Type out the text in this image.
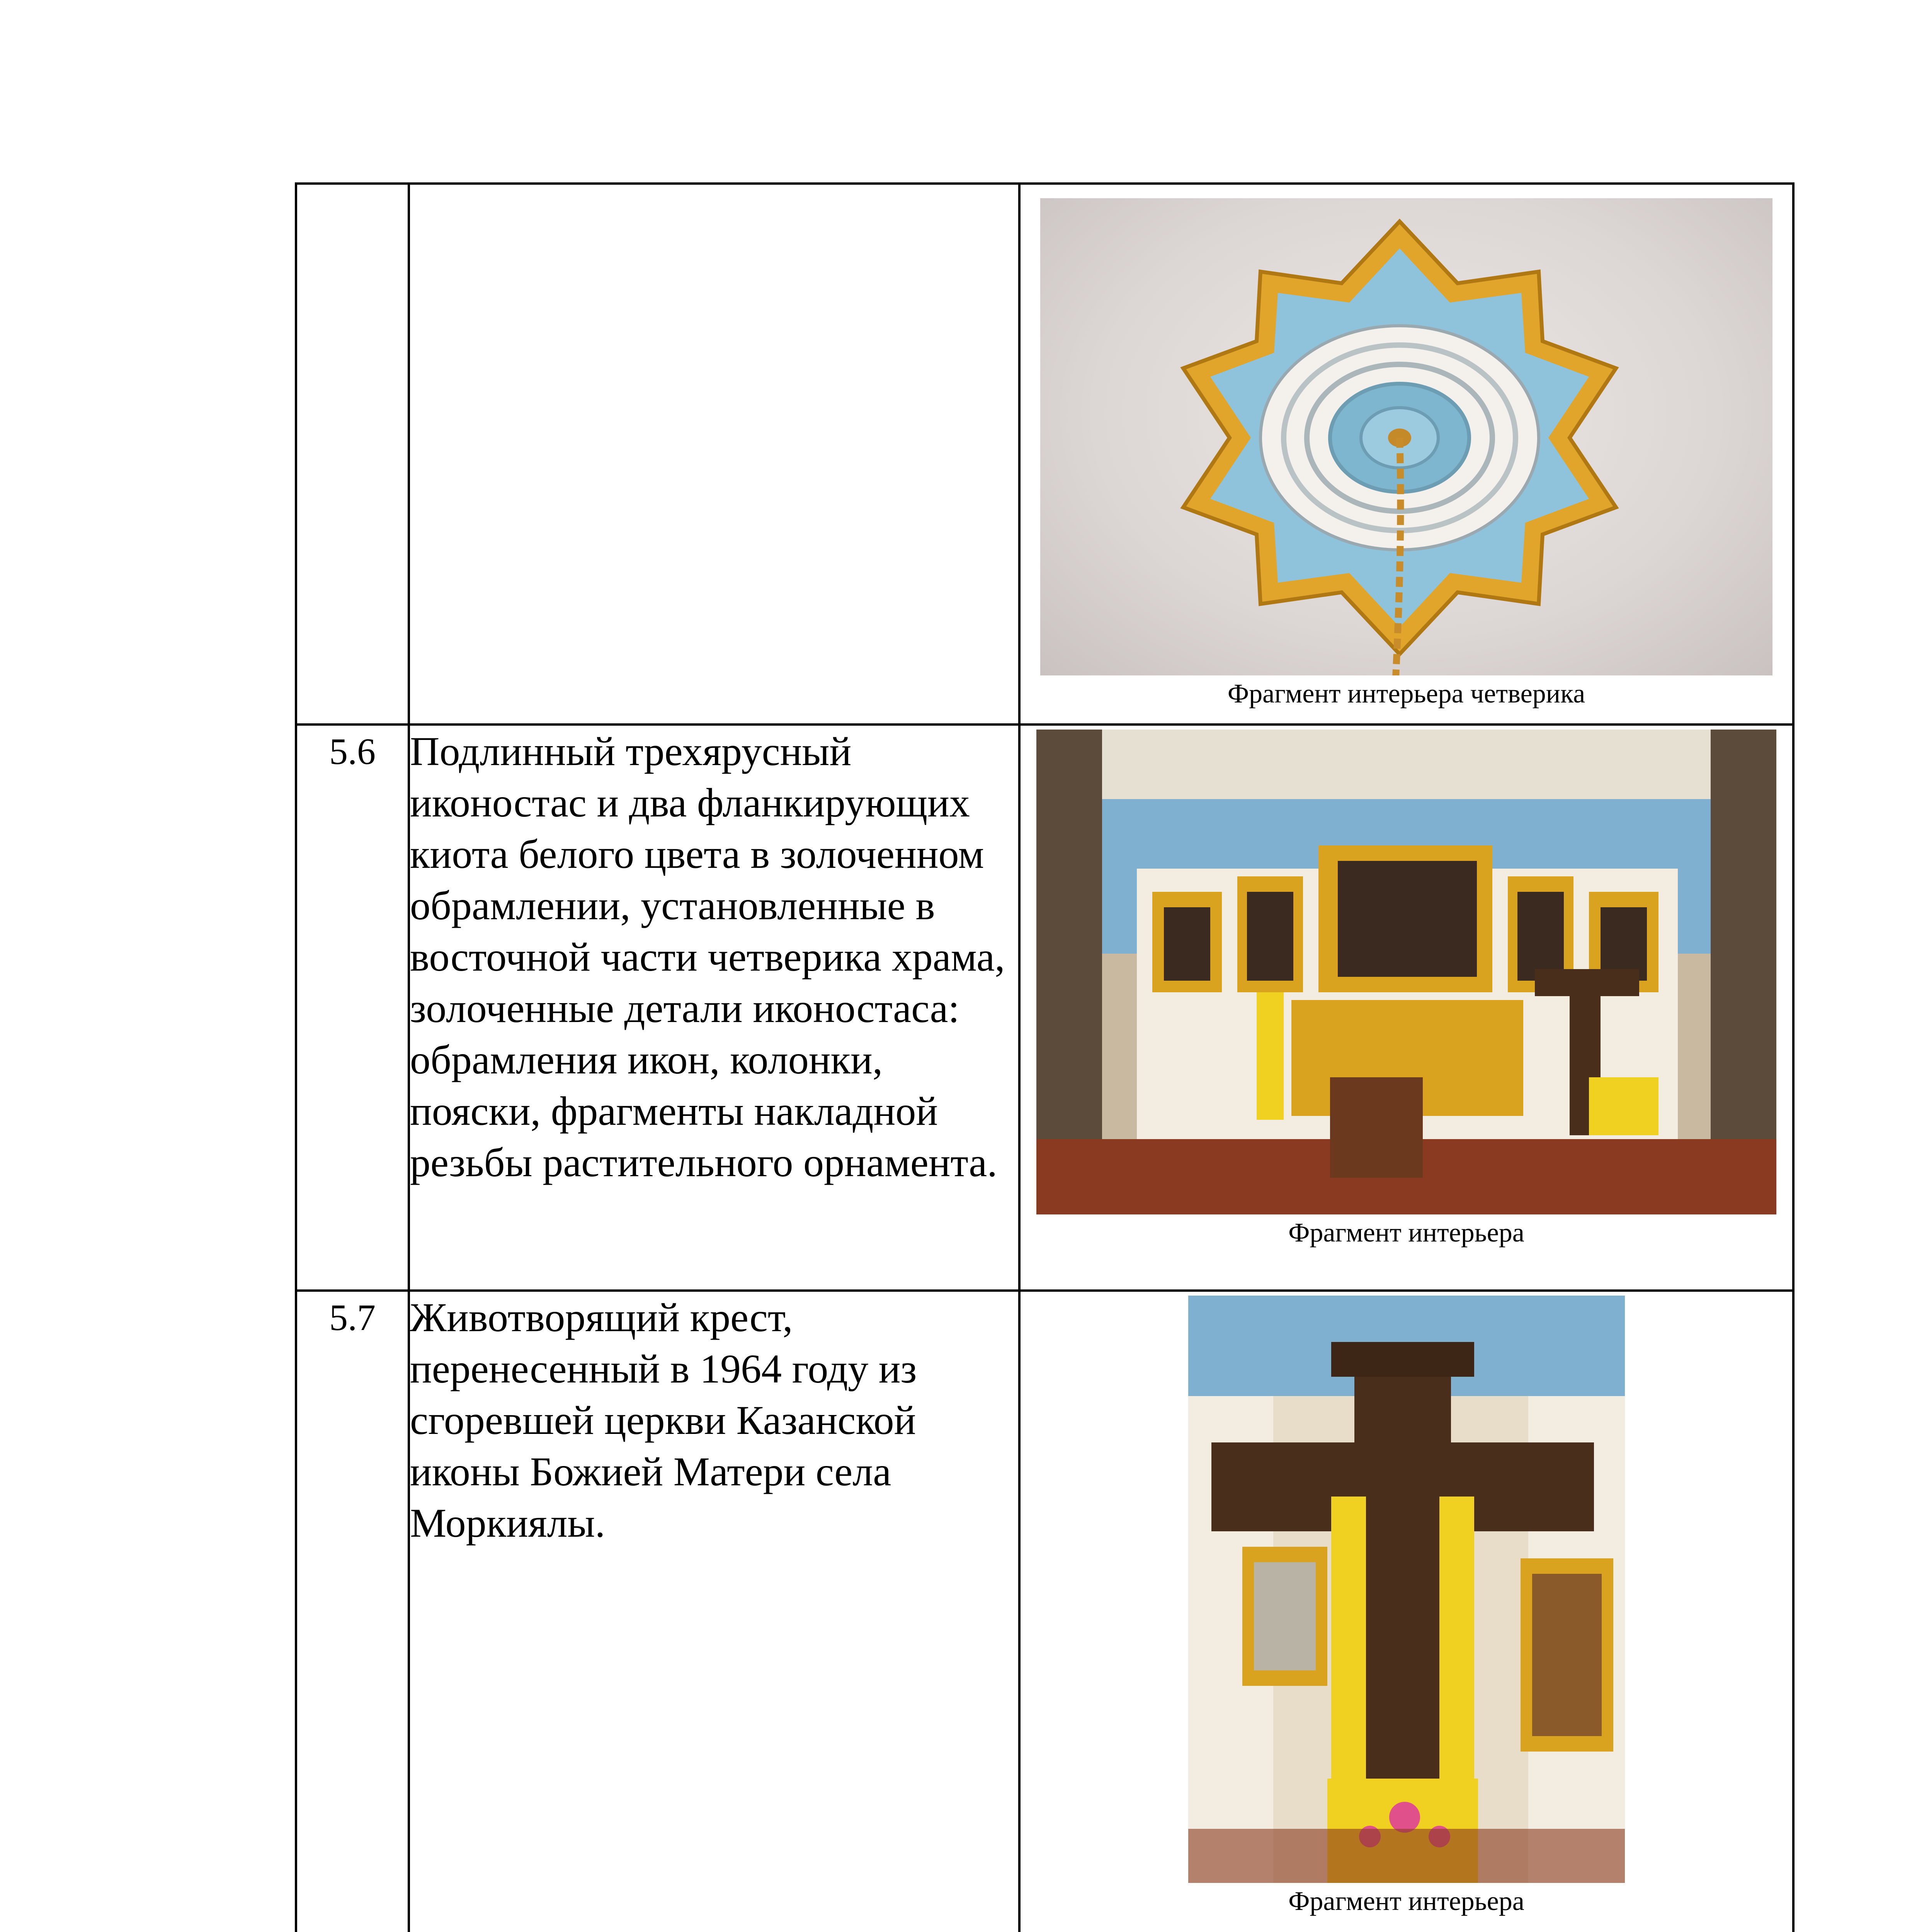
		Фрагмент интерьера четверика

5.6	Подлинный трехярусный иконостас и два фланкирующих киота белого цвета в золоченном обрамлении, установленные в восточной части четверика храма, золоченные детали иконостаса: обрамления икон, колонки, пояски, фрагменты накладной резьбы растительного орнамента.	Фрагмент интерьера

5.7	Животворящий крест, перенесенный в 1964 году из сгоревшей церкви Казанской иконы Божией Матери села Моркиялы.	Фрагмент интерьера
